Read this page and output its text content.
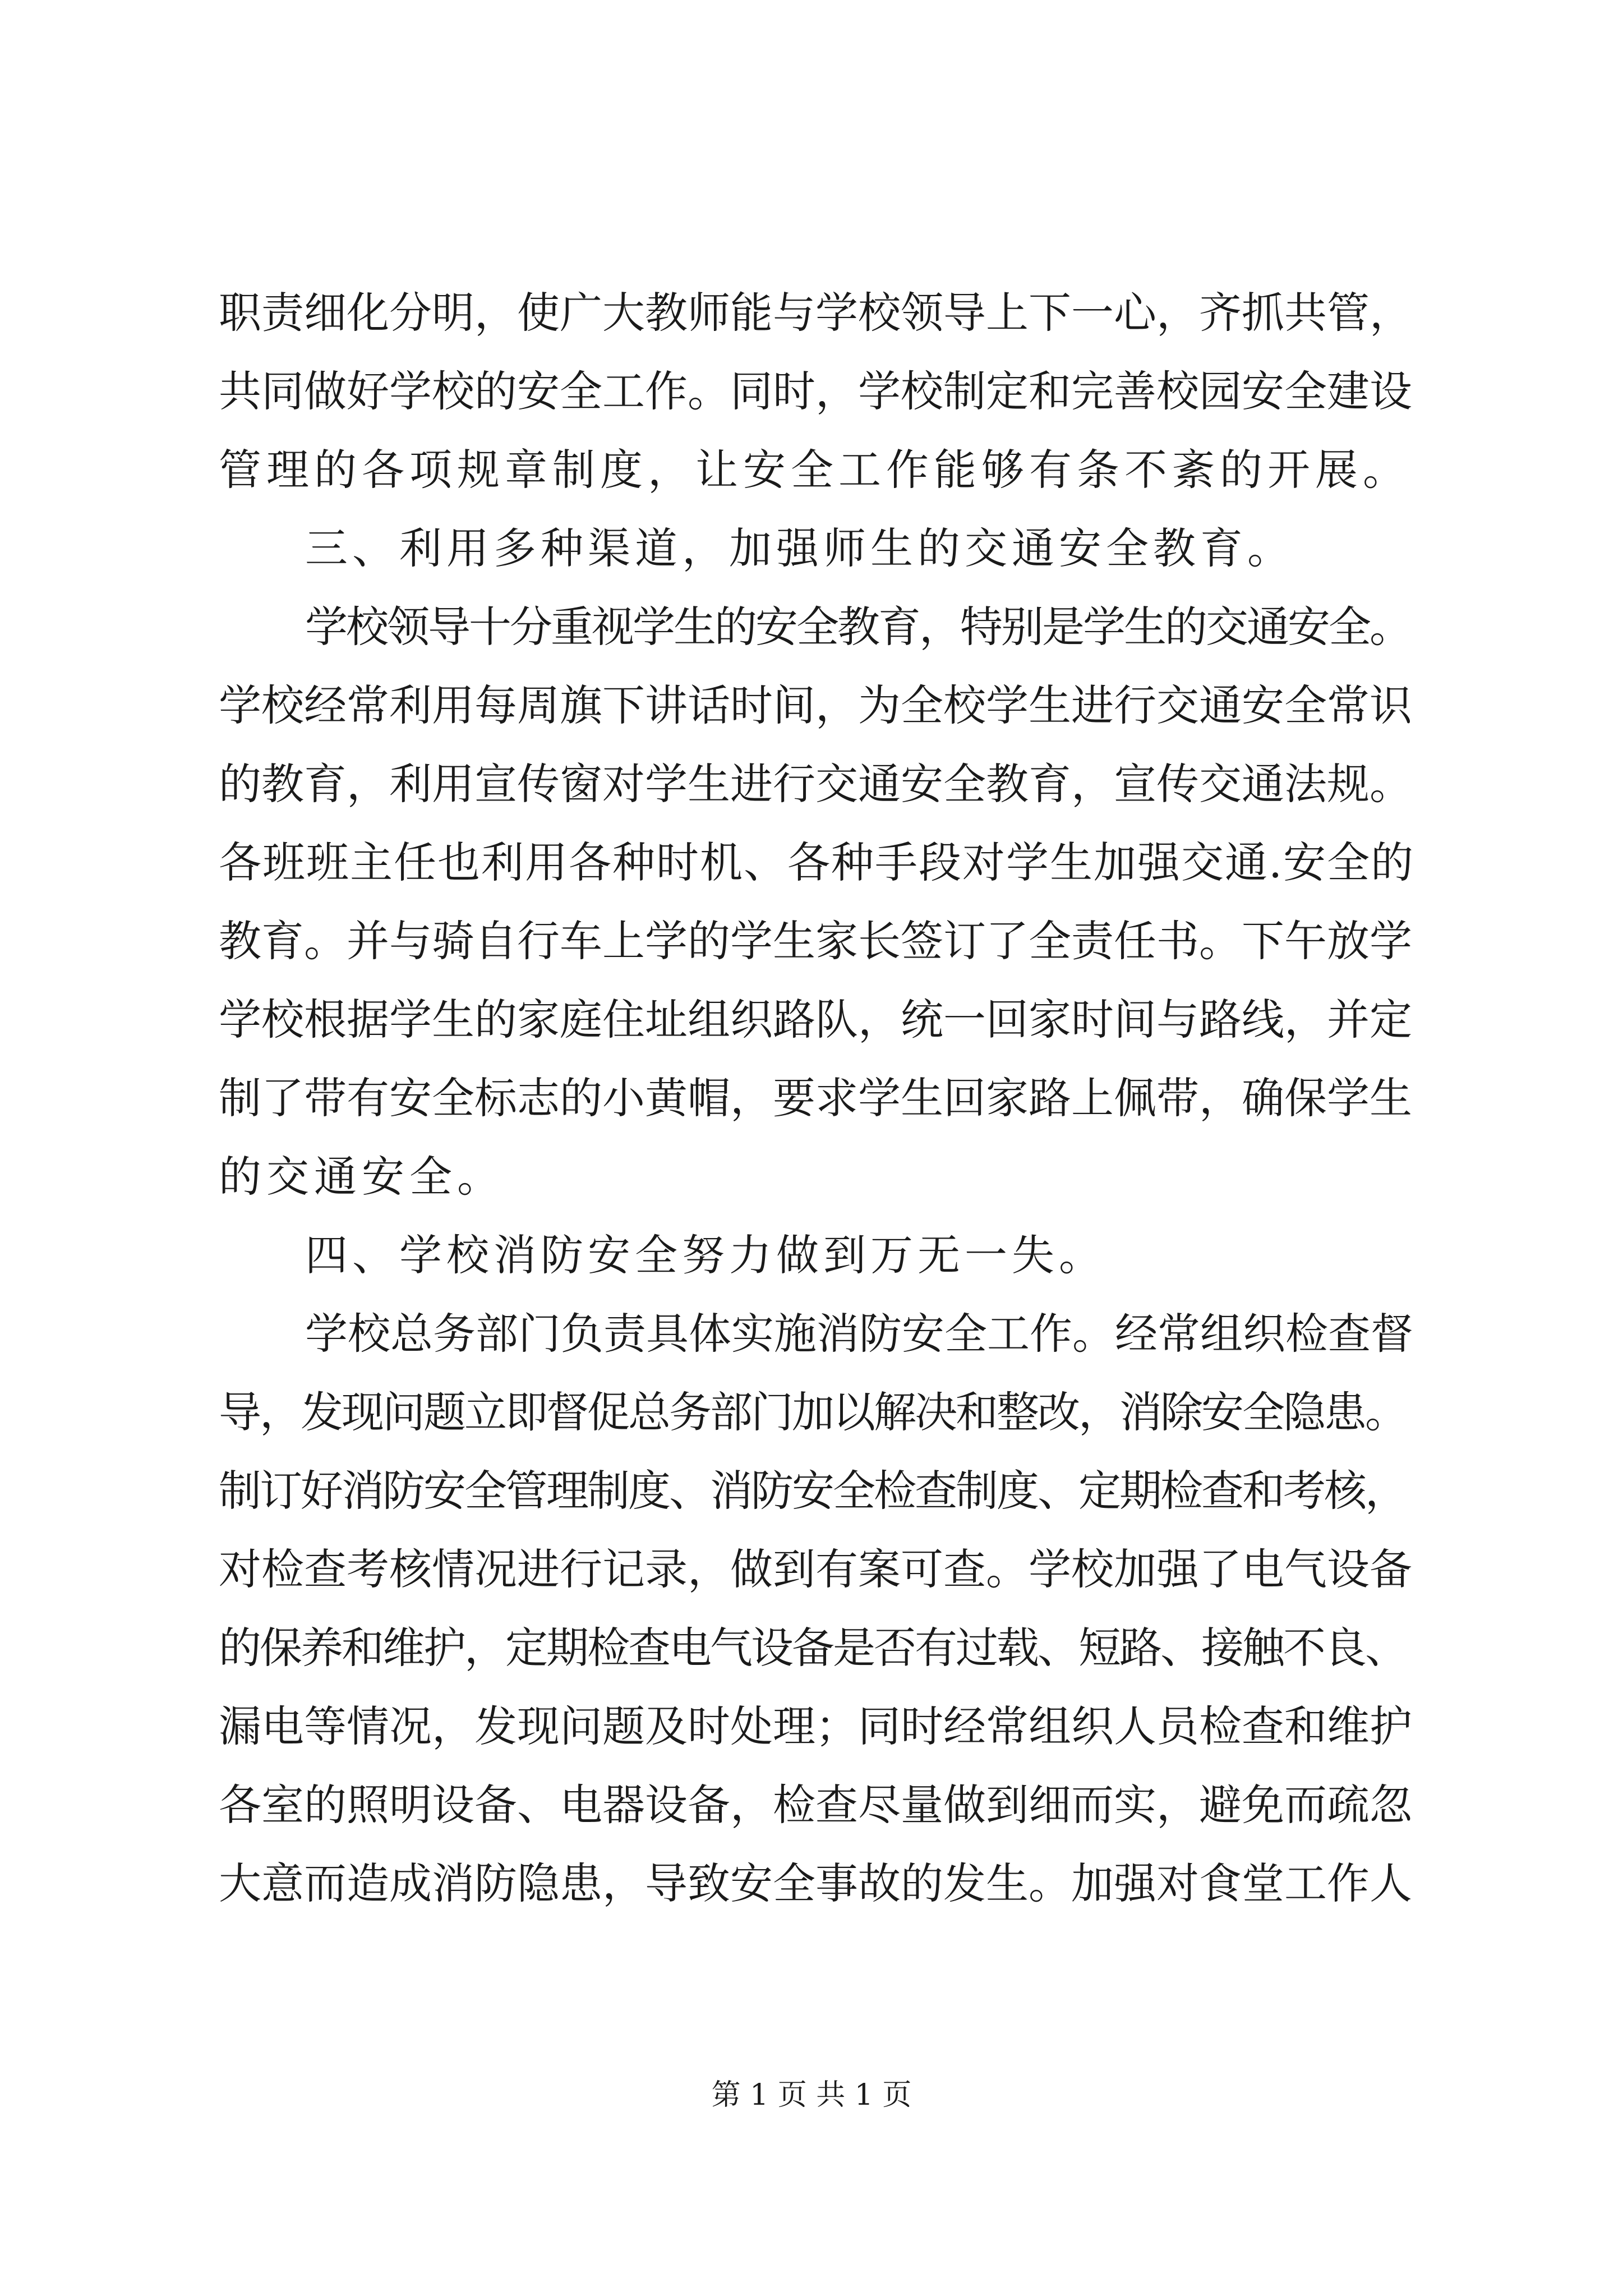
职责细化分明，使广大教师能与学校领导上下一心，齐抓共管，
共同做好学校的安全工作。同时，学校制定和完善校园安全建设
管理的各项规章制度，让安全工作能够有条不紊的开展。
三、利用多种渠道，加强师生的交通安全教育。
学校领导十分重视学生的安全教育，特别是学生的交通安全。
学校经常利用每周旗下讲话时间，为全校学生进行交通安全常识
的教育，利用宣传窗对学生进行交通安全教育，宣传交通法规。
各班班主任也利用各种时机、各种手段对学生加强交通.安全的
教育。并与骑自行车上学的学生家长签订了全责任书。下午放学
学校根据学生的家庭住址组织路队，统一回家时间与路线，并定
制了带有安全标志的小黄帽，要求学生回家路上佩带，确保学生
的交通安全。
四、学校消防安全努力做到万无一失。
学校总务部门负责具体实施消防安全工作。经常组织检查督
导，发现问题立即督促总务部门加以解决和整改，消除安全隐患。
制订好消防安全管理制度、消防安全检查制度、定期检查和考核，
对检查考核情况进行记录，做到有案可查。学校加强了电气设备
的保养和维护，定期检查电气设备是否有过载、短路、接触不良、
漏电等情况，发现问题及时处理；同时经常组织人员检查和维护
各室的照明设备、电器设备，检查尽量做到细而实，避免而疏忽
大意而造成消防隐患，导致安全事故的发生。加强对食堂工作人
第 1 页 共 1 页
